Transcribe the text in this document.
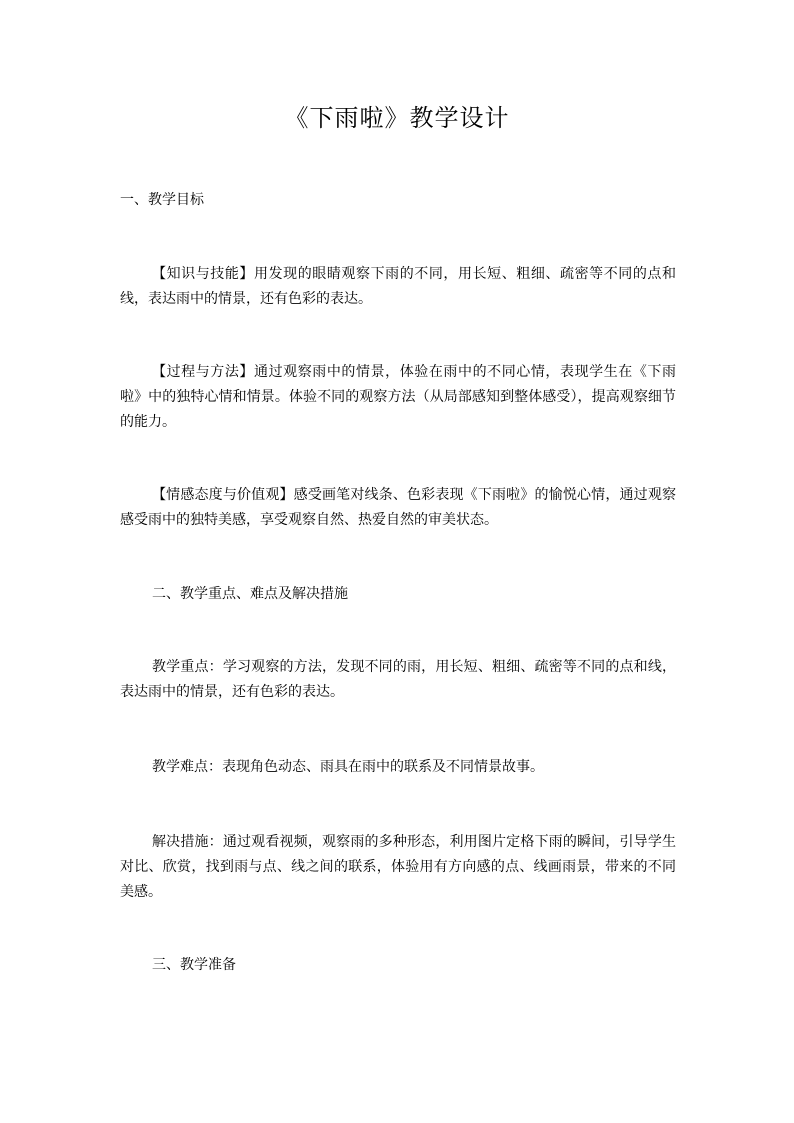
《下雨啦》教学设计
一、教学目标

【知识与技能】用发现的眼睛观察下雨的不同，用长短、粗细、疏密等不同的点和线，表达雨中的情景，还有色彩的表达。

【过程与方法】通过观察雨中的情景，体验在雨中的不同心情，表现学生在《下雨啦》中的独特心情和情景。体验不同的观察方法（从局部感知到整体感受），提高观察细节的能力。

【情感态度与价值观】感受画笔对线条、色彩表现《下雨啦》的愉悦心情，通过观察感受雨中的独特美感，享受观察自然、热爱自然的审美状态。

二、教学重点、难点及解决措施

教学重点：学习观察的方法，发现不同的雨，用长短、粗细、疏密等不同的点和线，表达雨中的情景，还有色彩的表达。

教学难点：表现角色动态、雨具在雨中的联系及不同情景故事。

解决措施：通过观看视频，观察雨的多种形态，利用图片定格下雨的瞬间，引导学生对比、欣赏，找到雨与点、线之间的联系，体验用有方向感的点、线画雨景，带来的不同美感。

三、教学准备
